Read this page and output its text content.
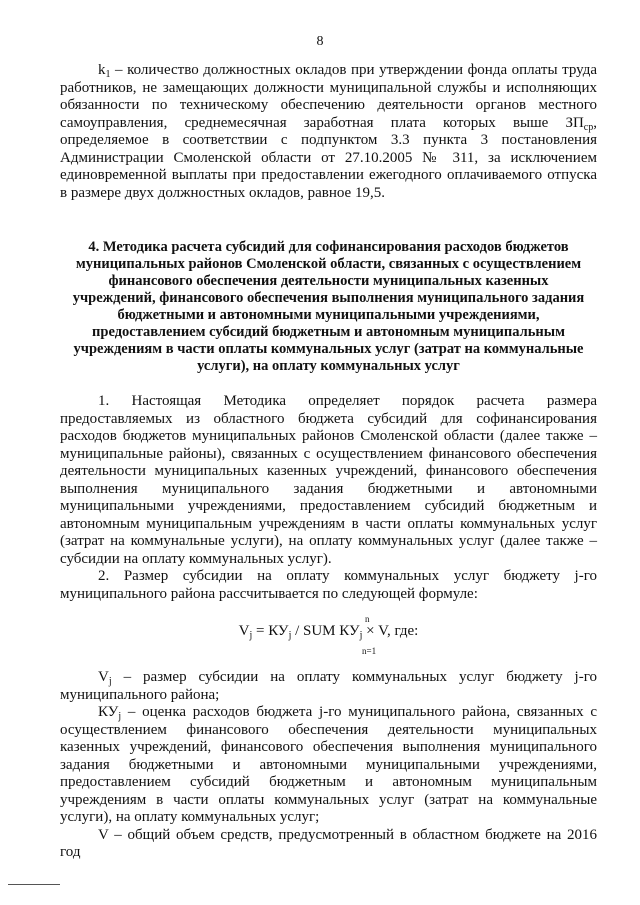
8

$k_1$ – количество должностных окладов при утверждении фонда оплаты труда работников, не замещающих должности муниципальной службы и исполняющих обязанности по техническому обеспечению деятельности органов местного самоуправления, среднемесячная заработная плата которых выше $ЗП_{ср}$, определяемое в соответствии с подпунктом 3.3 пункта 3 постановления Администрации Смоленской области от 27.10.2005 № 311, за исключением единовременной выплаты при предоставлении ежегодного оплачиваемого отпуска в размере двух должностных окладов, равное 19,5.

4. Методика расчета субсидий для софинансирования расходов бюджетов муниципальных районов Смоленской области, связанных с осуществлением финансового обеспечения деятельности муниципальных казенных учреждений, финансового обеспечения выполнения муниципального задания бюджетными и автономными муниципальными учреждениями, предоставлением субсидий бюджетным и автономным муниципальным учреждениям в части оплаты коммунальных услуг (затрат на коммунальные услуги), на оплату коммунальных услуг

1. Настоящая Методика определяет порядок расчета размера предоставляемых из областного бюджета субсидий для софинансирования расходов бюджетов муниципальных районов Смоленской области (далее также – муниципальные районы), связанных с осуществлением финансового обеспечения деятельности муниципальных казенных учреждений, финансового обеспечения выполнения муниципального задания бюджетными и автономными муниципальными учреждениями, предоставлением субсидий бюджетным и автономным муниципальным учреждениям в части оплаты коммунальных услуг (затрат на коммунальные услуги), на оплату коммунальных услуг (далее также – субсидии на оплату коммунальных услуг).

2. Размер субсидии на оплату коммунальных услуг бюджету j-го муниципального района рассчитывается по следующей формуле:

n
$V_j = КУ_j$ / SUM $КУ_j \times V$, где:
n=1

$V_j$ – размер субсидии на оплату коммунальных услуг бюджету j-го муниципального района;

$КУ_j$ – оценка расходов бюджета j-го муниципального района, связанных с осуществлением финансового обеспечения деятельности муниципальных казенных учреждений, финансового обеспечения выполнения муниципального задания бюджетными и автономными муниципальными учреждениями, предоставлением субсидий бюджетным и автономным муниципальным учреждениям в части оплаты коммунальных услуг (затрат на коммунальные услуги), на оплату коммунальных услуг;

V – общий объем средств, предусмотренный в областном бюджете на 2016 год
